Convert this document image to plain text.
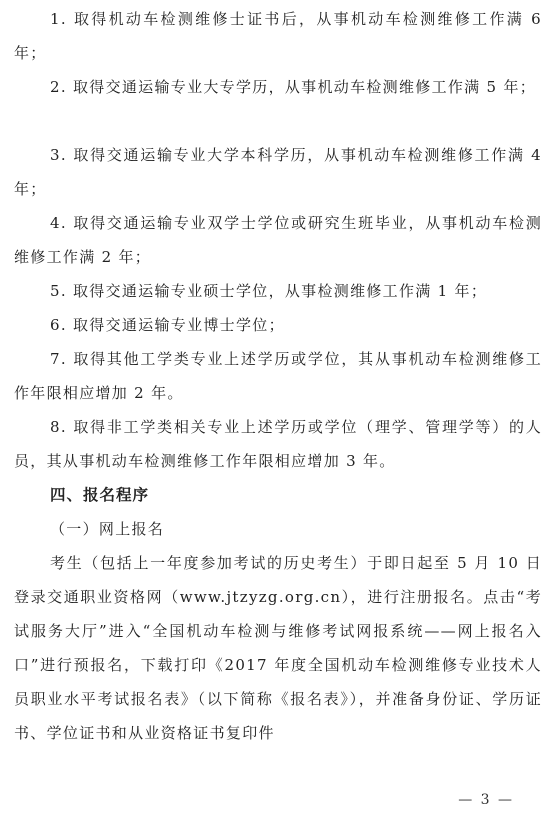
1. 取得机动车检测维修士证书后，从事机动车检测维修工作满 6 年；

2. 取得交通运输专业大专学历，从事机动车检测维修工作满 5 年；

3. 取得交通运输专业大学本科学历，从事机动车检测维修工作满 4 年；

4. 取得交通运输专业双学士学位或研究生班毕业，从事机动车检测维修工作满 2 年；

5. 取得交通运输专业硕士学位，从事检测维修工作满 1 年；

6. 取得交通运输专业博士学位；

7. 取得其他工学类专业上述学历或学位，其从事机动车检测维修工作年限相应增加 2 年。

8. 取得非工学类相关专业上述学历或学位（理学、管理学等）的人员，其从事机动车检测维修工作年限相应增加 3 年。

四、报名程序

（一）网上报名

考生（包括上一年度参加考试的历史考生）于即日起至 5 月 10 日登录交通职业资格网（www.jtzyzg.org.cn），进行注册报名。点击“考试服务大厅”进入“全国机动车检测与维修考试网报系统——网上报名入口”进行预报名，下载打印《2017 年度全国机动车检测维修专业技术人员职业水平考试报名表》（以下简称《报名表》），并准备身份证、学历证书、学位证书和从业资格证书复印件

— 3 —
